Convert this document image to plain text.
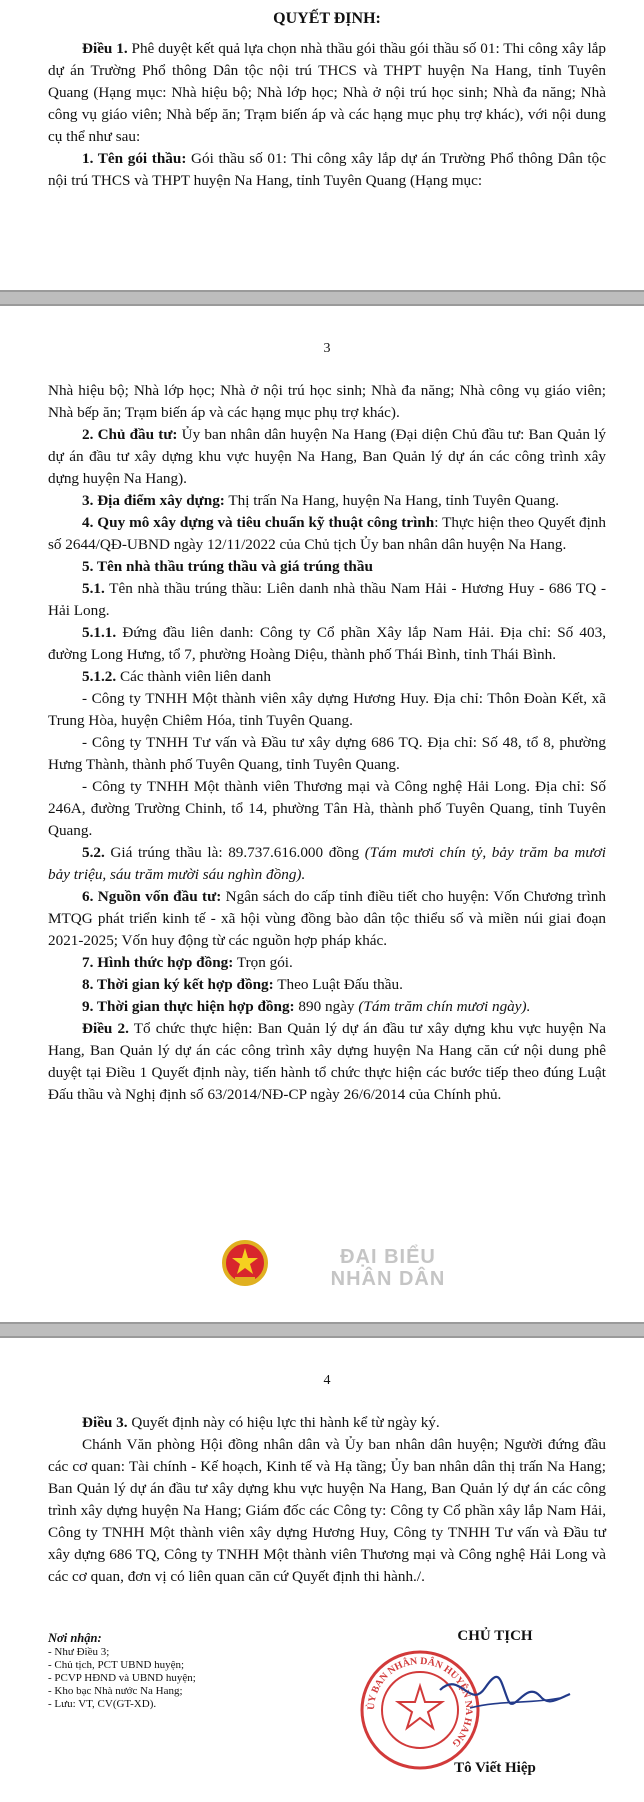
QUYẾT ĐỊNH:

Điều 1. Phê duyệt kết quả lựa chọn nhà thầu gói thầu gói thầu số 01: Thi công xây lắp dự án Trường Phổ thông Dân tộc nội trú THCS và THPT huyện Na Hang, tỉnh Tuyên Quang (Hạng mục: Nhà hiệu bộ; Nhà lớp học; Nhà ở nội trú học sinh; Nhà đa năng; Nhà công vụ giáo viên; Nhà bếp ăn; Trạm biến áp và các hạng mục phụ trợ khác), với nội dung cụ thể như sau:

1. Tên gói thầu: Gói thầu số 01: Thi công xây lắp dự án Trường Phổ thông Dân tộc nội trú THCS và THPT huyện Na Hang, tỉnh Tuyên Quang (Hạng mục:

3

Nhà hiệu bộ; Nhà lớp học; Nhà ở nội trú học sinh; Nhà đa năng; Nhà công vụ giáo viên; Nhà bếp ăn; Trạm biến áp và các hạng mục phụ trợ khác).

2. Chủ đầu tư: Ủy ban nhân dân huyện Na Hang (Đại diện Chủ đầu tư: Ban Quản lý dự án đầu tư xây dựng khu vực huyện Na Hang, Ban Quản lý dự án các công trình xây dựng huyện Na Hang).

3. Địa điểm xây dựng: Thị trấn Na Hang, huyện Na Hang, tỉnh Tuyên Quang.

4. Quy mô xây dựng và tiêu chuẩn kỹ thuật công trình: Thực hiện theo Quyết định số 2644/QĐ-UBND ngày 12/11/2022 của Chủ tịch Ủy ban nhân dân huyện Na Hang.

5. Tên nhà thầu trúng thầu và giá trúng thầu

5.1. Tên nhà thầu trúng thầu: Liên danh nhà thầu Nam Hải - Hương Huy - 686 TQ - Hải Long.

5.1.1. Đứng đầu liên danh: Công ty Cổ phần Xây lắp Nam Hải. Địa chỉ: Số 403, đường Long Hưng, tổ 7, phường Hoàng Diệu, thành phố Thái Bình, tỉnh Thái Bình.

5.1.2. Các thành viên liên danh

- Công ty TNHH Một thành viên xây dựng Hương Huy. Địa chỉ: Thôn Đoàn Kết, xã Trung Hòa, huyện Chiêm Hóa, tỉnh Tuyên Quang.

- Công ty TNHH Tư vấn và Đầu tư xây dựng 686 TQ. Địa chỉ: Số 48, tổ 8, phường Hưng Thành, thành phố Tuyên Quang, tỉnh Tuyên Quang.

- Công ty TNHH Một thành viên Thương mại và Công nghệ Hải Long. Địa chỉ: Số 246A, đường Trường Chinh, tổ 14, phường Tân Hà, thành phố Tuyên Quang, tỉnh Tuyên Quang.

5.2. Giá trúng thầu là: 89.737.616.000 đồng (Tám mươi chín tỷ, bảy trăm ba mươi bảy triệu, sáu trăm mười sáu nghìn đồng).

6. Nguồn vốn đầu tư: Ngân sách do cấp tỉnh điều tiết cho huyện: Vốn Chương trình MTQG phát triển kinh tế - xã hội vùng đồng bào dân tộc thiểu số và miền núi giai đoạn 2021-2025; Vốn huy động từ các nguồn hợp pháp khác.

7. Hình thức hợp đồng: Trọn gói.

8. Thời gian ký kết hợp đồng: Theo Luật Đấu thầu.

9. Thời gian thực hiện hợp đồng: 890 ngày (Tám trăm chín mươi ngày).

Điều 2. Tổ chức thực hiện: Ban Quản lý dự án đầu tư xây dựng khu vực huyện Na Hang, Ban Quản lý dự án các công trình xây dựng huyện Na Hang căn cứ nội dung phê duyệt tại Điều 1 Quyết định này, tiến hành tổ chức thực hiện các bước tiếp theo đúng Luật Đấu thầu và Nghị định số 63/2014/NĐ-CP ngày 26/6/2014 của Chính phủ.

ĐẠI BIỂU
NHÂN DÂN

4

Điều 3. Quyết định này có hiệu lực thi hành kể từ ngày ký.

Chánh Văn phòng Hội đồng nhân dân và Ủy ban nhân dân huyện; Người đứng đầu các cơ quan: Tài chính - Kế hoạch, Kinh tế và Hạ tầng; Ủy ban nhân dân thị trấn Na Hang; Ban Quản lý dự án đầu tư xây dựng khu vực huyện Na Hang, Ban Quản lý dự án các công trình xây dựng huyện Na Hang; Giám đốc các Công ty: Công ty Cổ phần xây lắp Nam Hải, Công ty TNHH Một thành viên xây dựng Hương Huy, Công ty TNHH Tư vấn và Đầu tư xây dựng 686 TQ, Công ty TNHH Một thành viên Thương mại và Công nghệ Hải Long và các cơ quan, đơn vị có liên quan căn cứ Quyết định thi hành./.

Nơi nhận:
- Như Điều 3;
- Chủ tịch, PCT UBND huyện;
- PCVP HĐND và UBND huyện;
- Kho bạc Nhà nước Na Hang;
- Lưu: VT, CV(GT-XD).	ỦY BAN NHÂN DÂN HUYỆN NA HANG
CHỦ TỊCH
Tô Viết Hiệp
